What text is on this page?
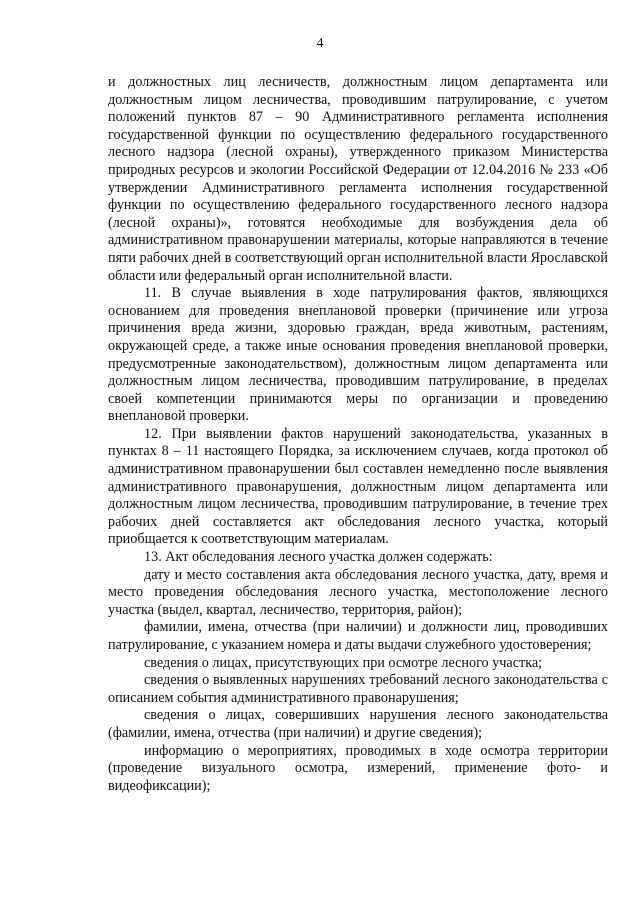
4

и должностных лиц лесничеств, должностным лицом департамента или должностным лицом лесничества, проводившим патрулирование, с учетом положений пунктов 87 – 90 Административного регламента исполнения государственной функции по осуществлению федерального государственного лесного надзора (лесной охраны), утвержденного приказом Министерства природных ресурсов и экологии Российской Федерации от 12.04.2016 № 233 «Об утверждении Административного регламента исполнения государственной функции по осуществлению федерального государственного лесного надзора (лесной охраны)», готовятся необходимые для возбуждения дела об административном правонарушении материалы, которые направляются в течение пяти рабочих дней в соответствующий орган исполнительной власти Ярославской области или федеральный орган исполнительной власти.

11. В случае выявления в ходе патрулирования фактов, являющихся основанием для проведения внеплановой проверки (причинение или угроза причинения вреда жизни, здоровью граждан, вреда животным, растениям, окружающей среде, а также иные основания проведения внеплановой проверки, предусмотренные законодательством), должностным лицом департамента или должностным лицом лесничества, проводившим патрулирование, в пределах своей компетенции принимаются меры по организации и проведению внеплановой проверки.

12. При выявлении фактов нарушений законодательства, указанных в пунктах 8 – 11 настоящего Порядка, за исключением случаев, когда протокол об административном правонарушении был составлен немедленно после выявления административного правонарушения, должностным лицом департамента или должностным лицом лесничества, проводившим патрулирование, в течение трех рабочих дней составляется акт обследования лесного участка, который приобщается к соответствующим материалам.

13. Акт обследования лесного участка должен содержать:

дату и место составления акта обследования лесного участка, дату, время и место проведения обследования лесного участка, местоположение лесного участка (выдел, квартал, лесничество, территория, район);

фамилии, имена, отчества (при наличии) и должности лиц, проводивших патрулирование, с указанием номера и даты выдачи служебного удостоверения;

сведения о лицах, присутствующих при осмотре лесного участка;

сведения о выявленных нарушениях требований лесного законодательства с описанием события административного правонарушения;

сведения о лицах, совершивших нарушения лесного законодательства (фамилии, имена, отчества (при наличии) и другие сведения);

информацию о мероприятиях, проводимых в ходе осмотра территории (проведение визуального осмотра, измерений, применение фото- и видеофиксации);
